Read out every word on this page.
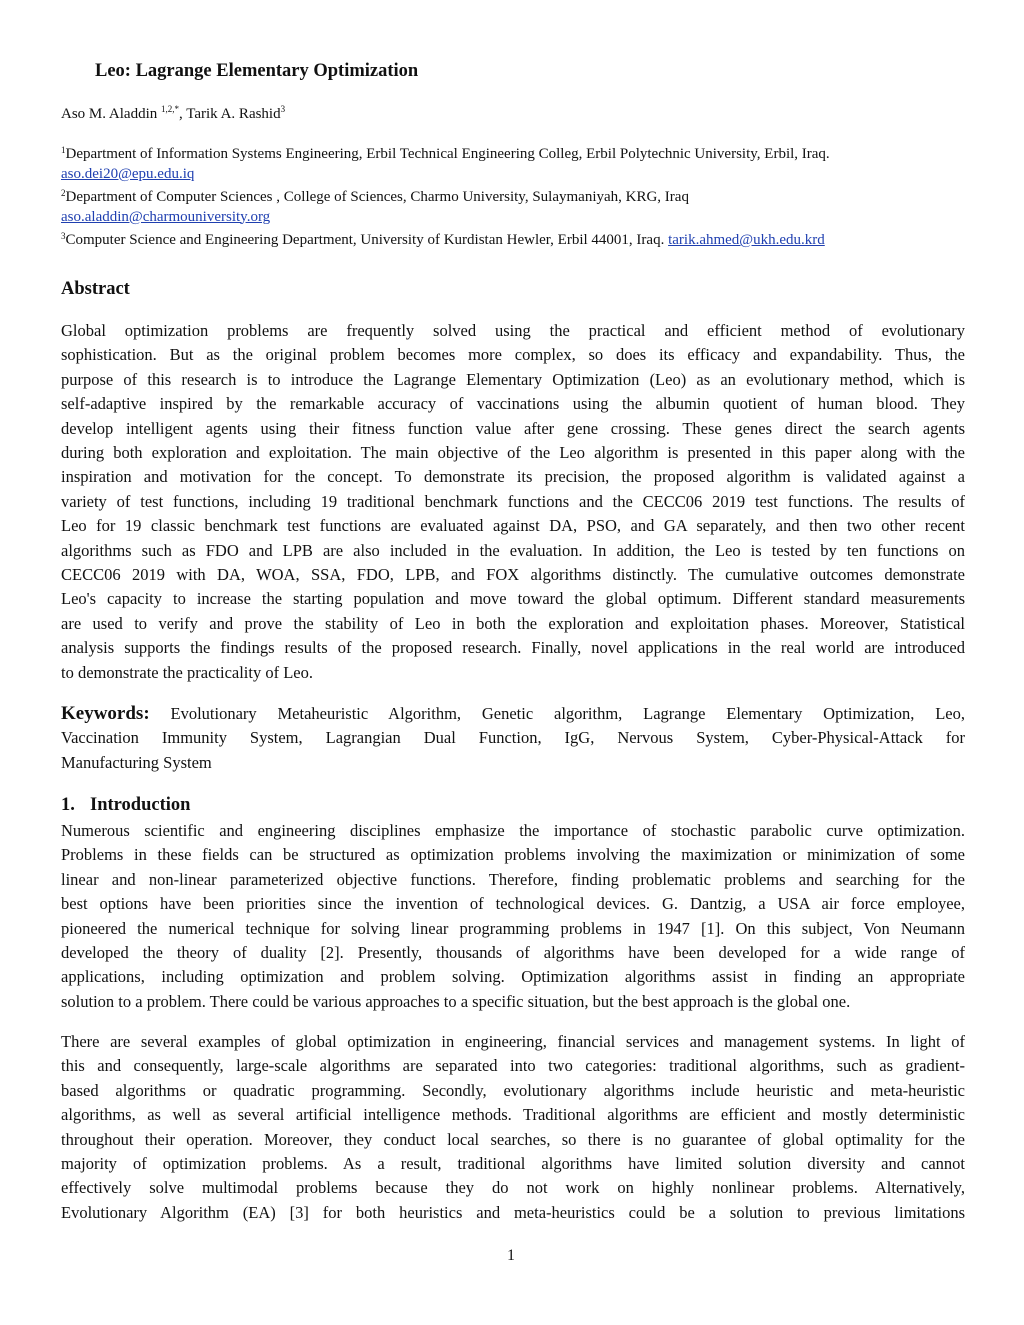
Leo: Lagrange Elementary Optimization
Aso M. Aladdin $^{1,2,*}$, Tarik A. Rashid$^3$
$^1$Department of Information Systems Engineering, Erbil Technical Engineering Colleg, Erbil Polytechnic University, Erbil, Iraq.
aso.dei20@epu.edu.iq
$^2$Department of Computer Sciences , College of Sciences, Charmo University, Sulaymaniyah, KRG, Iraq
aso.aladdin@charmouniversity.org
$^3$Computer Science and Engineering Department, University of Kurdistan Hewler, Erbil 44001, Iraq. tarik.ahmed@ukh.edu.krd
Abstract
Global optimization problems are frequently solved using the practical and efficient method of evolutionary
sophistication. But as the original problem becomes more complex, so does its efficacy and expandability. Thus, the
purpose of this research is to introduce the Lagrange Elementary Optimization (Leo) as an evolutionary method, which is
self-adaptive inspired by the remarkable accuracy of vaccinations using the albumin quotient of human blood. They
develop intelligent agents using their fitness function value after gene crossing. These genes direct the search agents
during both exploration and exploitation. The main objective of the Leo algorithm is presented in this paper along with the
inspiration and motivation for the concept. To demonstrate its precision, the proposed algorithm is validated against a
variety of test functions, including 19 traditional benchmark functions and the CECC06 2019 test functions. The results of
Leo for 19 classic benchmark test functions are evaluated against DA, PSO, and GA separately, and then two other recent
algorithms such as FDO and LPB are also included in the evaluation. In addition, the Leo is tested by ten functions on
CECC06 2019 with DA, WOA, SSA, FDO, LPB, and FOX algorithms distinctly. The cumulative outcomes demonstrate
Leo's capacity to increase the starting population and move toward the global optimum. Different standard measurements
are used to verify and prove the stability of Leo in both the exploration and exploitation phases. Moreover, Statistical
analysis supports the findings results of the proposed research. Finally, novel applications in the real world are introduced
to demonstrate the practicality of Leo.
Keywords: Evolutionary Metaheuristic Algorithm, Genetic algorithm, Lagrange Elementary Optimization, Leo,
Vaccination Immunity System, Lagrangian Dual Function, IgG, Nervous System, Cyber-Physical-Attack for
Manufacturing System
1. Introduction
Numerous scientific and engineering disciplines emphasize the importance of stochastic parabolic curve optimization.
Problems in these fields can be structured as optimization problems involving the maximization or minimization of some
linear and non-linear parameterized objective functions. Therefore, finding problematic problems and searching for the
best options have been priorities since the invention of technological devices. G. Dantzig, a USA air force employee,
pioneered the numerical technique for solving linear programming problems in 1947 [1]. On this subject, Von Neumann
developed the theory of duality [2]. Presently, thousands of algorithms have been developed for a wide range of
applications, including optimization and problem solving. Optimization algorithms assist in finding an appropriate
solution to a problem. There could be various approaches to a specific situation, but the best approach is the global one.
There are several examples of global optimization in engineering, financial services and management systems. In light of
this and consequently, large-scale algorithms are separated into two categories: traditional algorithms, such as gradient-
based algorithms or quadratic programming. Secondly, evolutionary algorithms include heuristic and meta-heuristic
algorithms, as well as several artificial intelligence methods. Traditional algorithms are efficient and mostly deterministic
throughout their operation. Moreover, they conduct local searches, so there is no guarantee of global optimality for the
majority of optimization problems. As a result, traditional algorithms have limited solution diversity and cannot
effectively solve multimodal problems because they do not work on highly nonlinear problems. Alternatively,
Evolutionary Algorithm (EA) [3] for both heuristics and meta-heuristics could be a solution to previous limitations
1
